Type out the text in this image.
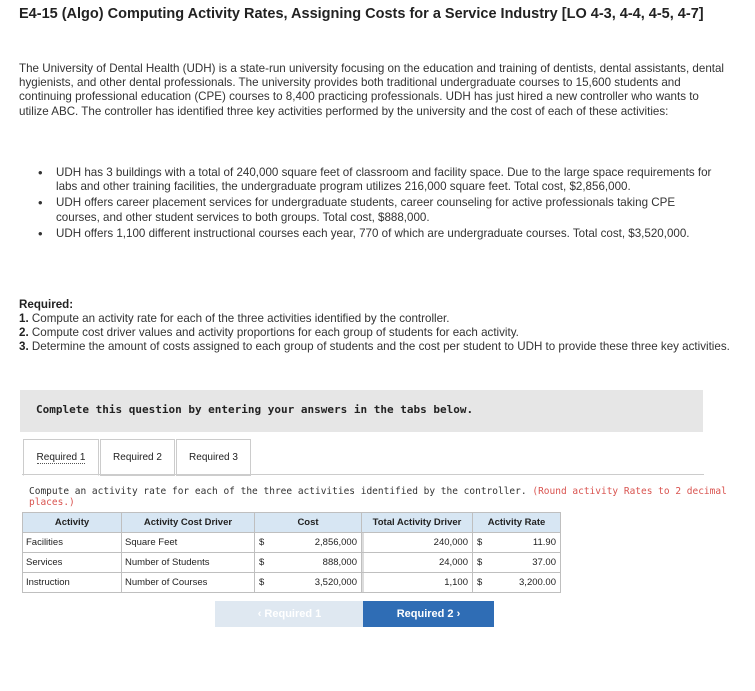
E4-15 (Algo) Computing Activity Rates, Assigning Costs for a Service Industry [LO 4-3, 4-4, 4-5, 4-7]
The University of Dental Health (UDH) is a state-run university focusing on the education and training of dentists, dental assistants, dental hygienists, and other dental professionals. The university provides both traditional undergraduate courses to 15,600 students and continuing professional education (CPE) courses to 8,400 practicing professionals. UDH has just hired a new controller who wants to utilize ABC. The controller has identified three key activities performed by the university and the cost of each of these activities:
• UDH has 3 buildings with a total of 240,000 square feet of classroom and facility space. Due to the large space requirements for labs and other training facilities, the undergraduate program utilizes 216,000 square feet. Total cost, $2,856,000.
• UDH offers career placement services for undergraduate students, career counseling for active professionals taking CPE courses, and other student services to both groups. Total cost, $888,000.
• UDH offers 1,100 different instructional courses each year, 770 of which are undergraduate courses. Total cost, $3,520,000.
Required:
1. Compute an activity rate for each of the three activities identified by the controller.
2. Compute cost driver values and activity proportions for each group of students for each activity.
3. Determine the amount of costs assigned to each group of students and the cost per student to UDH to provide these three key activities.
Complete this question by entering your answers in the tabs below.
Required 1	Required 2	Required 3
Compute an activity rate for each of the three activities identified by the controller. (Round activity Rates to 2 decimal places.)
Activity	Activity Cost Driver	Cost	Total Activity Driver	Activity Rate
Facilities	Square Feet	$ 2,856,000	240,000	$ 11.90

Services	Number of Students	$ 888,000	24,000	$ 37.00

Instruction	Number of Courses	$ 3,520,000	1,100	$ 3,200.00
‹ Required 1	Required 2 ›
